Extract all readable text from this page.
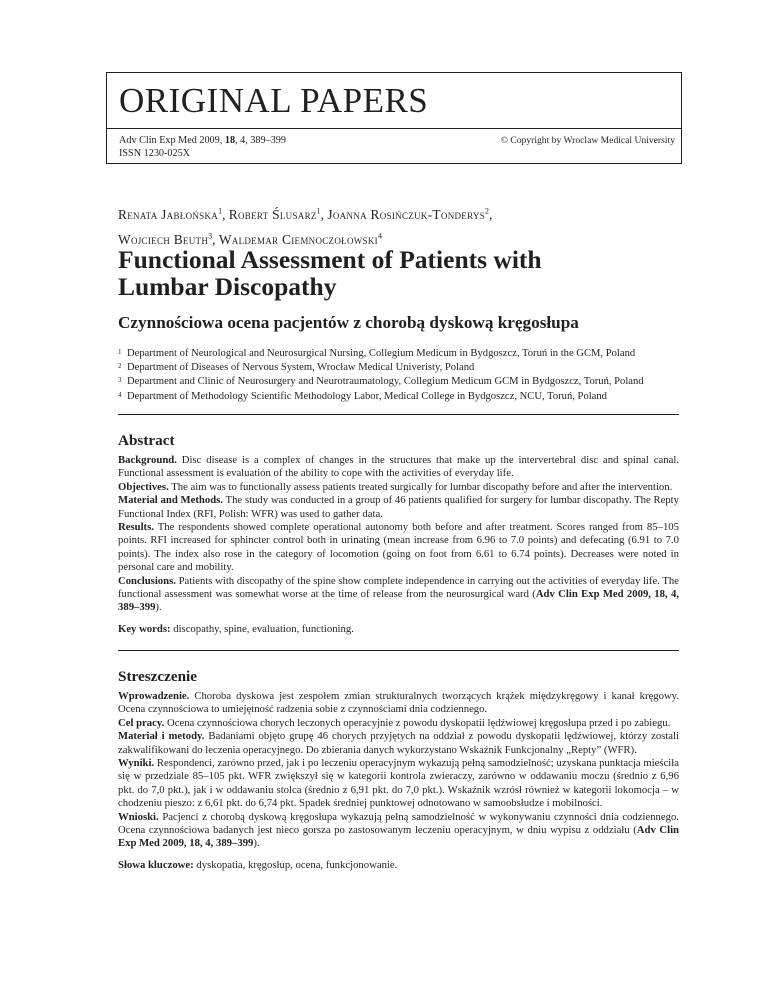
ORIGINAL PAPERS
Adv Clin Exp Med 2009, 18, 4, 389–399
ISSN 1230-025X
© Copyright by Wroclaw Medical University
Renata Jabłońska$^1$, Robert Ślusarz$^1$, Joanna Rosińczuk-Tonderys$^2$,
Wojciech Beuth$^3$, Waldemar Ciemnoczołowski$^4$
Functional Assessment of Patients with Lumbar Discopathy
Czynnościowa ocena pacjentów z chorobą dyskową kręgosłupa
1 Department of Neurological and Neurosurgical Nursing, Collegium Medicum in Bydgoszcz, Toruń in the GCM, Poland
2 Department of Diseases of Nervous System, Wrocław Medical Univeristy, Poland
3 Department and Clinic of Neurosurgery and Neurotraumatology, Collegium Medicum GCM in Bydgoszcz, Toruń, Poland
4 Department of Methodology Scientific Methodology Labor, Medical College in Bydgoszcz, NCU, Toruń, Poland
Abstract

Background. Disc disease is a complex of changes in the structures that make up the intervertebral disc and spinal canal. Functional assessment is evaluation of the ability to cope with the activities of everyday life.

Objectives. The aim was to functionally assess patients treated surgically for lumbar discopathy before and after the intervention.

Material and Methods. The study was conducted in a group of 46 patients qualified for surgery for lumbar discopathy. The Repty Functional Index (RFI, Polish: WFR) was used to gather data.

Results. The respondents showed complete operational autonomy both before and after treatment. Scores ranged from 85–105 points. RFI increased for sphincter control both in urinating (mean increase from 6.96 to 7.0 points) and defecating (6.91 to 7.0 points). The index also rose in the category of locomotion (going on foot from 6.61 to 6.74 points). Decreases were noted in personal care and mobility.

Conclusions. Patients with discopathy of the spine show complete independence in carrying out the activities of everyday life. The functional assessment was somewhat worse at the time of release from the neurosurgical ward (Adv Clin Exp Med 2009, 18, 4, 389–399).

Key words: discopathy, spine, evaluation, functioning.

Streszczenie

Wprowadzenie. Choroba dyskowa jest zespołem zmian strukturalnych tworzących krążek międzykręgowy i kanał kręgowy. Ocena czynnościowa to umiejętność radzenia sobie z czynnościami dnia codziennego.

Cel pracy. Ocena czynnościowa chorych leczonych operacyjnie z powodu dyskopatii lędźwiowej kręgosłupa przed i po zabiegu.

Materiał i metody. Badaniami objęto grupę 46 chorych przyjętych na oddział z powodu dyskopatii lędźwiowej, którzy zostali zakwalifikowani do leczenia operacyjnego. Do zbierania danych wykorzystano Wskaźnik Funkcjonalny „Repty” (WFR).

Wyniki. Respondenci, zarówno przed, jak i po leczeniu operacyjnym wykazują pełną samodzielność; uzyskana punktacja mieściła się w przedziale 85–105 pkt. WFR zwiększył się w kategorii kontrola zwieraczy, zarówno w oddawaniu moczu (średnio z 6,96 pkt. do 7,0 pkt.), jak i w oddawaniu stolca (średnio z 6,91 pkt. do 7,0 pkt.). Wskaźnik wzrósł również w kategorii lokomocja – w chodzeniu pieszo: z 6,61 pkt. do 6,74 pkt. Spadek średniej punktowej odnotowano w samoobsłudze i mobilności.

Wnioski. Pacjenci z chorobą dyskową kręgosłupa wykazują pełną samodzielność w wykonywaniu czynności dnia codziennego. Ocena czynnościowa badanych jest nieco gorsza po zastosowanym leczeniu operacyjnym, w dniu wypisu z oddziału (Adv Clin Exp Med 2009, 18, 4, 389–399).

Słowa kluczowe: dyskopatia, kręgosłup, ocena, funkcjonowanie.
